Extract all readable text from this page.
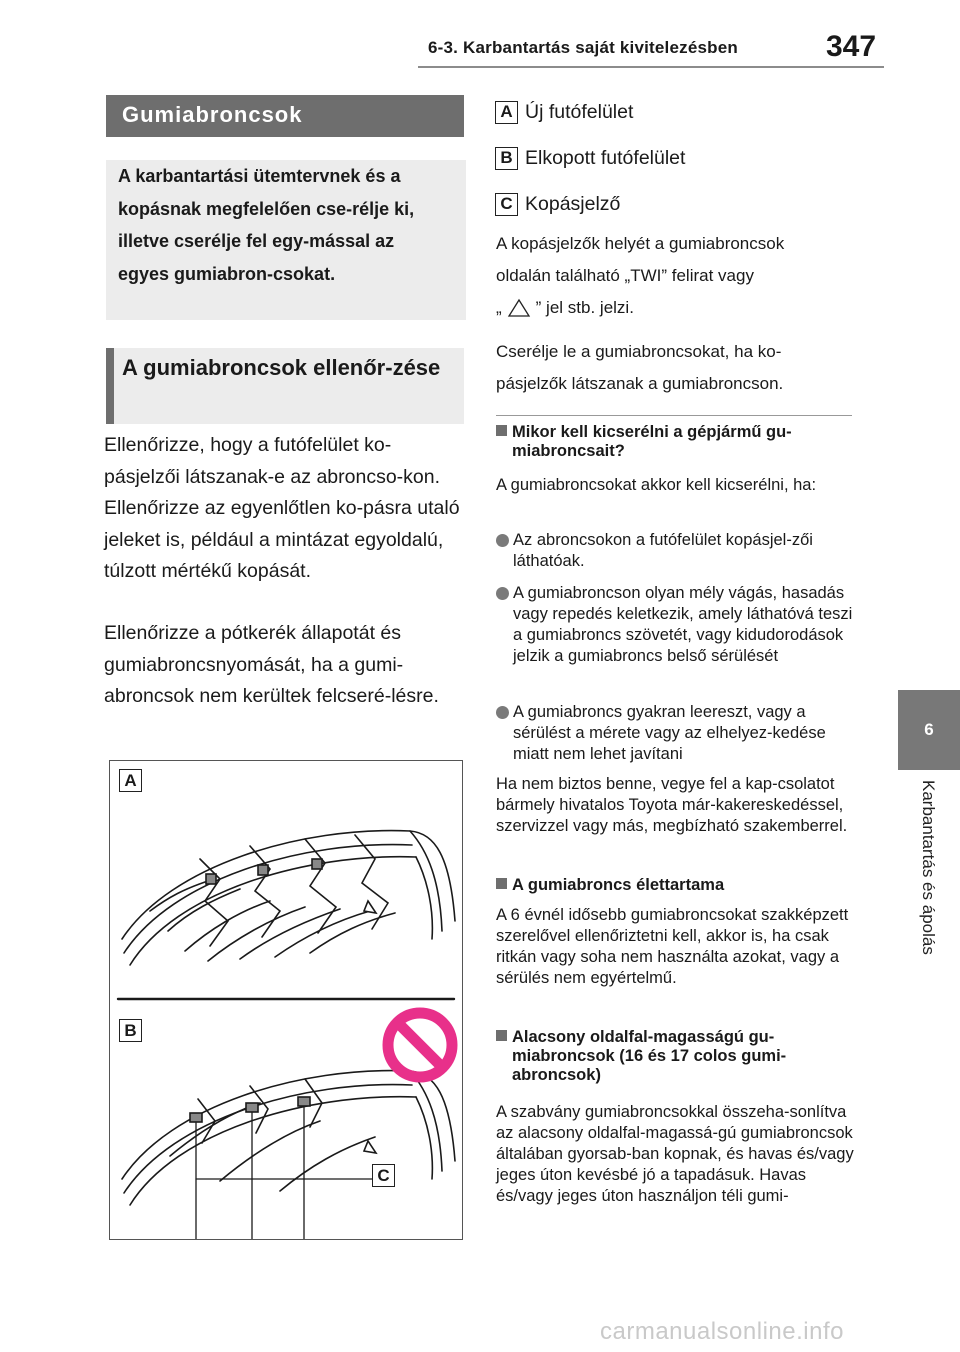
6-3. Karbantartás saját kivitelezésben	347
6
Karbantartás és ápolás
Gumiabroncsok

A karbantartási ütemtervnek és a kopásnak megfelelően cse-rélje ki, illetve cserélje fel egy-mással az egyes gumiabron-csokat.

A gumiabroncsok ellenőr-zése

Ellenőrizze, hogy a futófelület ko-pásjelzői látszanak-e az abroncso-kon. Ellenőrizze az egyenlőtlen ko-pásra utaló jeleket is, például a mintázat egyoldalú, túlzott mértékű kopását.

Ellenőrizze a pótkerék állapotát és gumiabroncsnyomását, ha a gumi-abroncsok nem kerültek felcseré-lésre.

A
B
C
A Új futófelület
B Elkopott futófelület
C Kopásjelző
A kopásjelzők helyét a gumiabroncsok
oldalán található „TWI” felirat vagy
„ ” jel stb. jelzi.

Cserélje le a gumiabroncsokat, ha ko-pásjelzők látszanak a gumiabroncson.

Mikor kell kicserélni a gépjármű gu-
miabroncsait?

A gumiabroncsokat akkor kell kicserélni, ha:

Az abroncsokon a futófelület kopásjel-zői láthatóak.
A gumiabroncson olyan mély vágás, hasadás vagy repedés keletkezik, amely láthatóvá teszi a gumiabroncs szövetét, vagy kidudorodások jelzik a gumiabroncs belső sérülését
A gumiabroncs gyakran leereszt, vagy a sérülést a mérete vagy az elhelyez-kedése miatt nem lehet javítani

Ha nem biztos benne, vegye fel a kap-csolatot bármely hivatalos Toyota már-kakereskedéssel, szervizzel vagy más, megbízható szakemberrel.

A gumiabroncs élettartama

A 6 évnél idősebb gumiabroncsokat szakképzett szerelővel ellenőriztetni kell, akkor is, ha csak ritkán vagy soha nem használta azokat, vagy a sérülés nem egyértelmű.

Alacsony oldalfal-magasságú gu-
miabroncsok (16 és 17 colos gumi-
abroncsok)

A szabvány gumiabroncsokkal összeha-sonlítva az alacsony oldalfal-magassá-gú gumiabroncsok általában gyorsab-ban kopnak, és havas és/vagy jeges úton kevésbé jó a tapadásuk. Havas és/vagy jeges úton használjon téli gumi-

carmanualsonline.info
